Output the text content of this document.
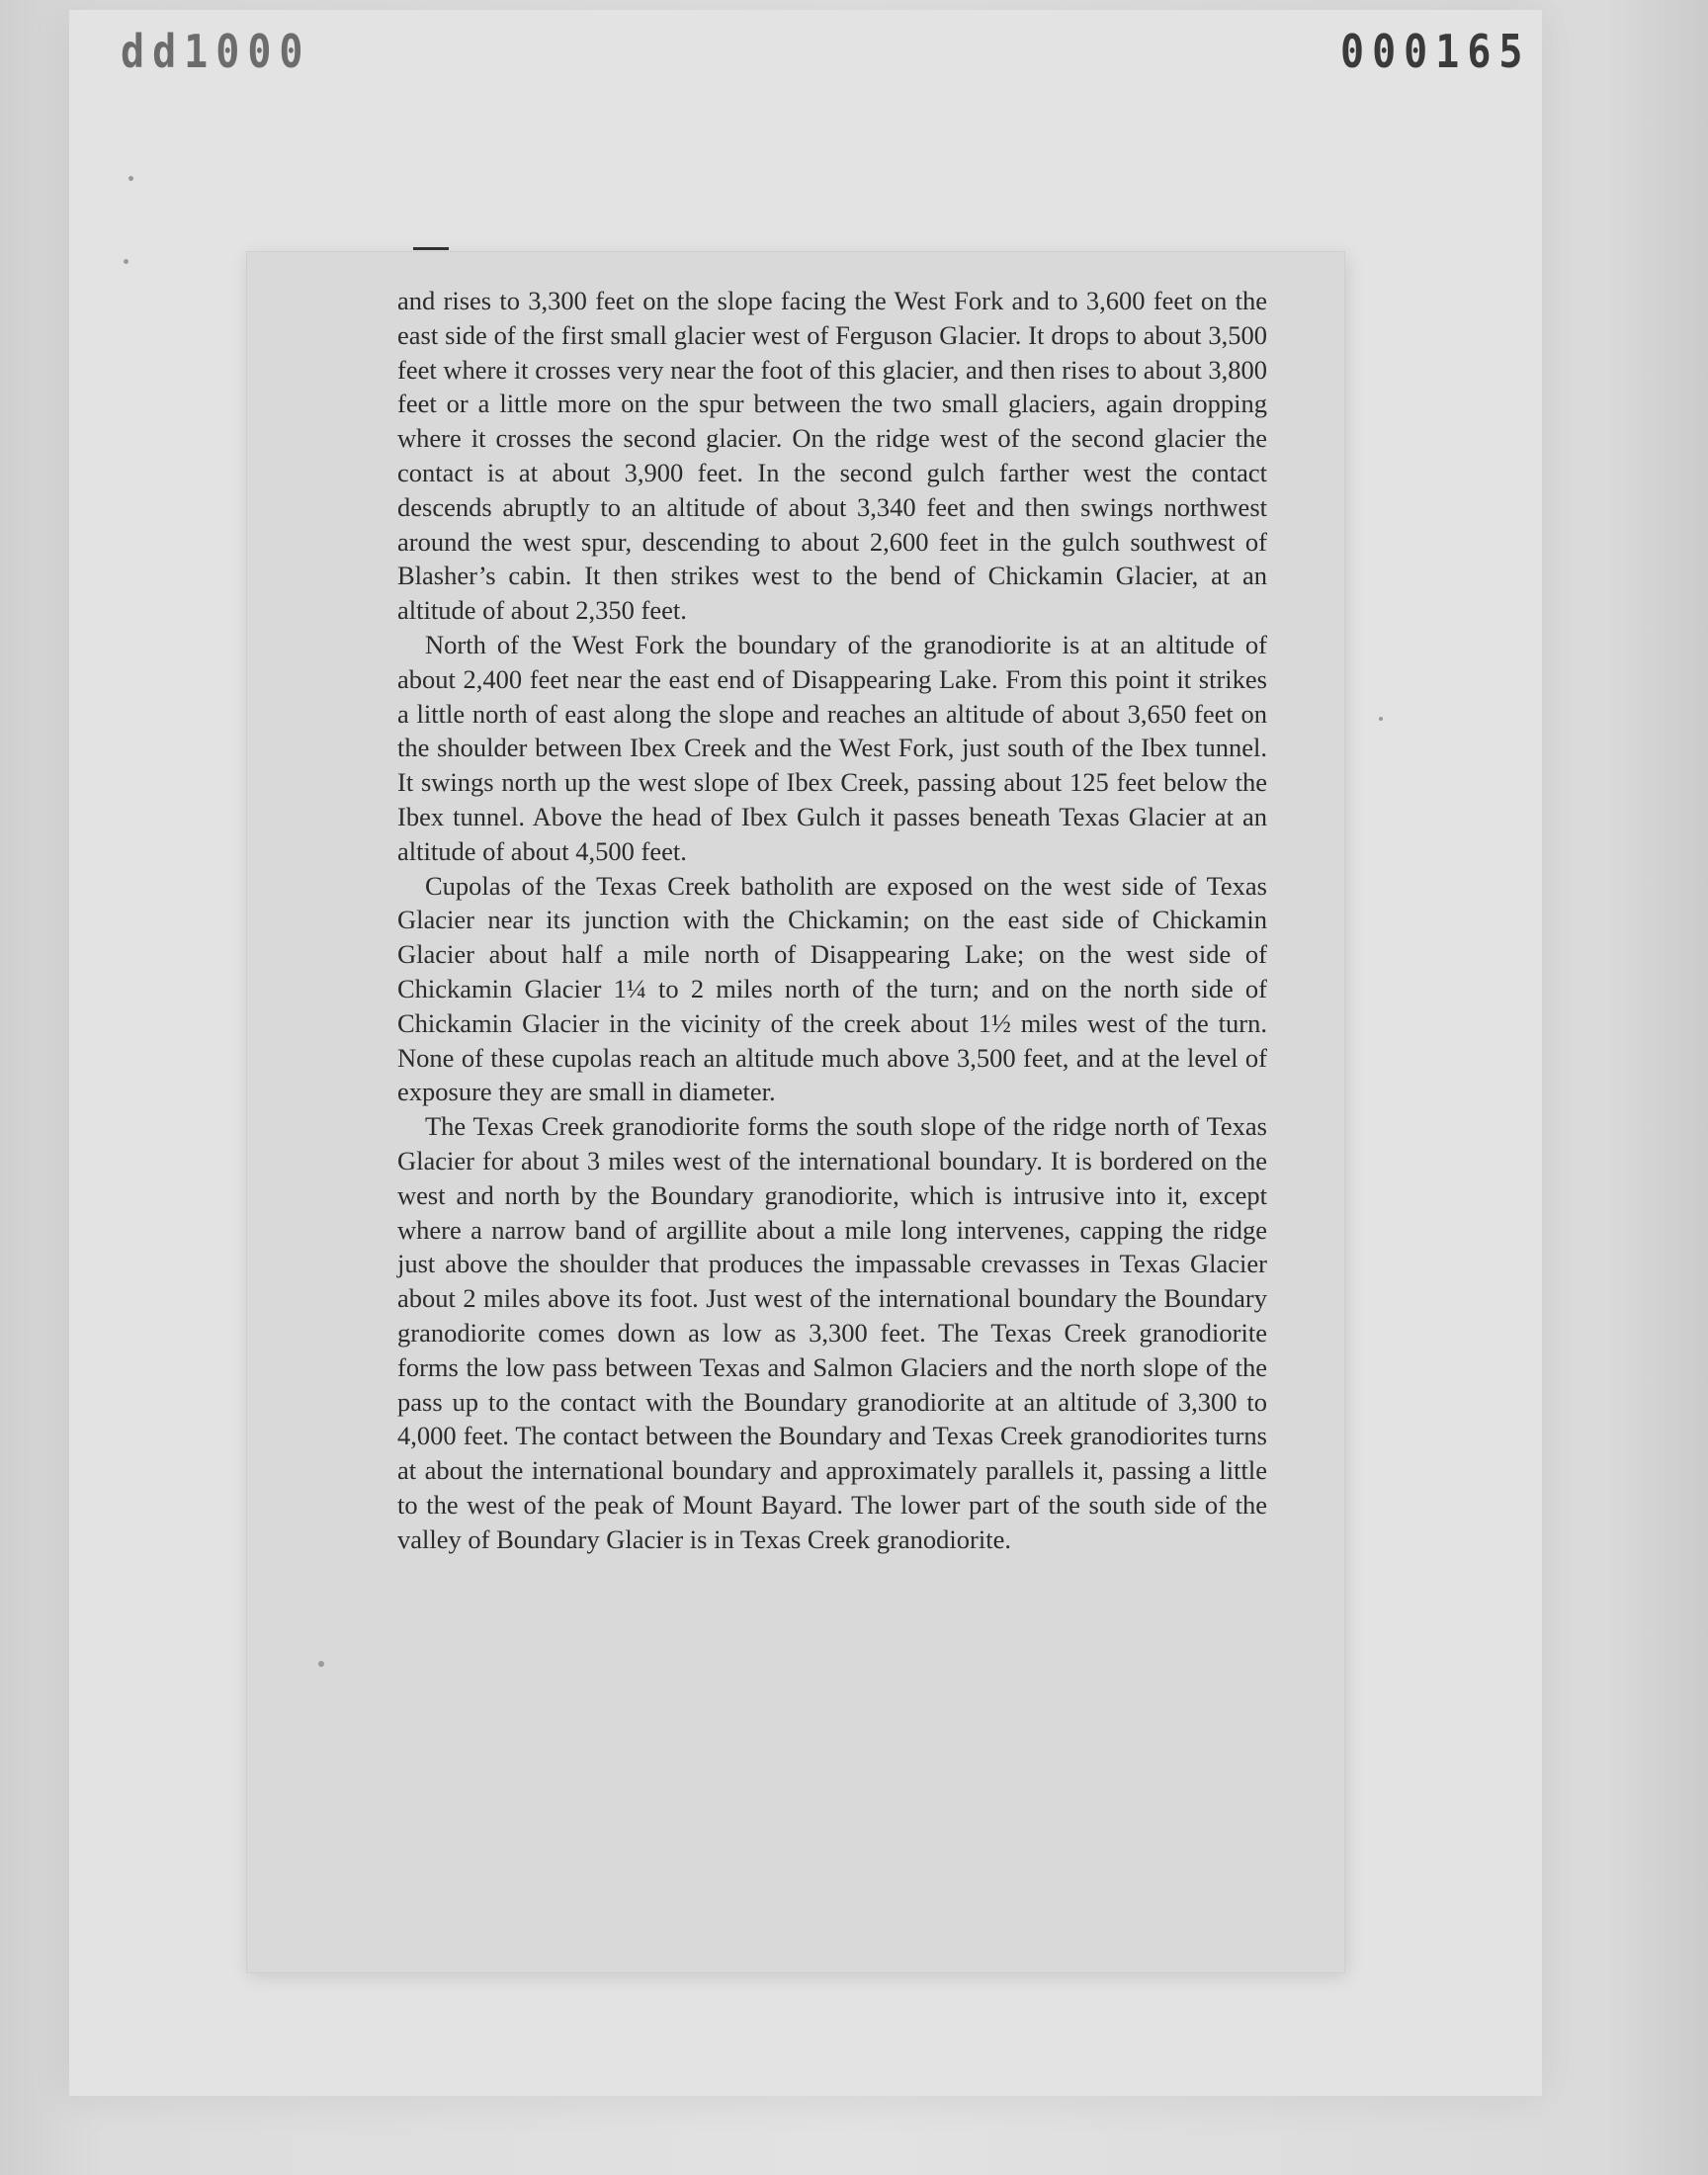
dd1000	000165

and rises to 3,300 feet on the slope facing the West Fork and to 3,600 feet on the east side of the first small glacier west of Ferguson Glacier. It drops to about 3,500 feet where it crosses very near the foot of this glacier, and then rises to about 3,800 feet or a little more on the spur between the two small glaciers, again dropping where it crosses the second glacier. On the ridge west of the second glacier the contact is at about 3,900 feet. In the second gulch farther west the contact descends abruptly to an altitude of about 3,340 feet and then swings northwest around the west spur, descending to about 2,600 feet in the gulch southwest of Blasher’s cabin. It then strikes west to the bend of Chickamin Glacier, at an altitude of about 2,350 feet.

North of the West Fork the boundary of the granodiorite is at an altitude of about 2,400 feet near the east end of Disappearing Lake. From this point it strikes a little north of east along the slope and reaches an altitude of about 3,650 feet on the shoulder between Ibex Creek and the West Fork, just south of the Ibex tunnel. It swings north up the west slope of Ibex Creek, passing about 125 feet below the Ibex tunnel. Above the head of Ibex Gulch it passes beneath Texas Glacier at an altitude of about 4,500 feet.

Cupolas of the Texas Creek batholith are exposed on the west side of Texas Glacier near its junction with the Chickamin; on the east side of Chickamin Glacier about half a mile north of Disappearing Lake; on the west side of Chickamin Glacier 1¼ to 2 miles north of the turn; and on the north side of Chickamin Glacier in the vicinity of the creek about 1½ miles west of the turn. None of these cupolas reach an altitude much above 3,500 feet, and at the level of exposure they are small in diameter.

The Texas Creek granodiorite forms the south slope of the ridge north of Texas Glacier for about 3 miles west of the international boundary. It is bordered on the west and north by the Boundary granodiorite, which is intrusive into it, except where a narrow band of argillite about a mile long intervenes, capping the ridge just above the shoulder that produces the impassable crevasses in Texas Glacier about 2 miles above its foot. Just west of the international boundary the Boundary granodiorite comes down as low as 3,300 feet. The Texas Creek granodiorite forms the low pass between Texas and Salmon Glaciers and the north slope of the pass up to the contact with the Boundary granodiorite at an altitude of 3,300 to 4,000 feet. The contact between the Boundary and Texas Creek granodiorites turns at about the international boundary and approximately parallels it, passing a little to the west of the peak of Mount Bayard. The lower part of the south side of the valley of Boundary Glacier is in Texas Creek granodiorite.
